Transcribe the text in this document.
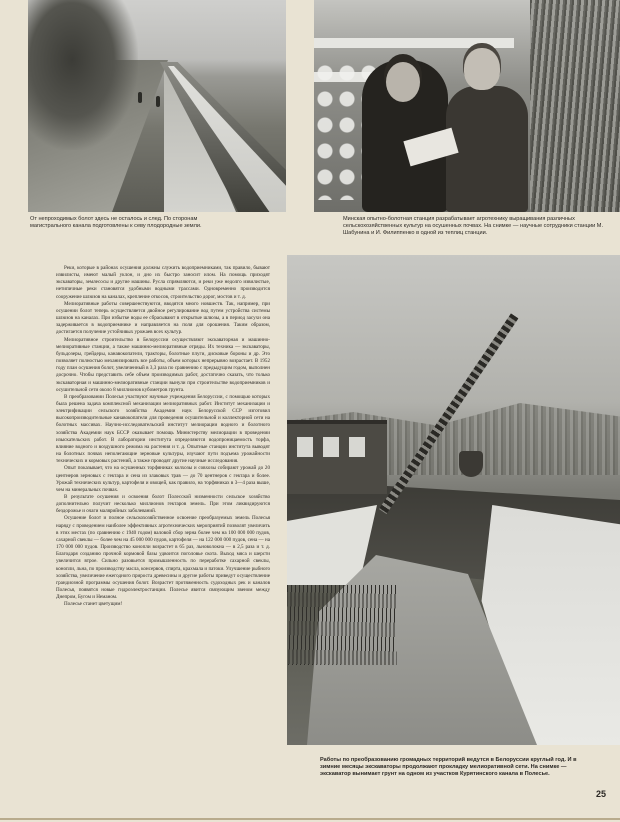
От непроходимых болот здесь не осталось и след. По сторонам магистрального канала подготовлены к севу плодородные земли.

Минская опытно-болотная станция разрабатывает агротехнику выращивания различных сельскохозяйственных культур на осушенных почвах. На снимке — научные сотрудники станции М. Шабунина и И. Филиппенко в одной из теплиц станции.

Реки, которые в районах осушения должны служить водоприемниками, так правило, бывают извилисты, имеют малый уклон, и дно их быстро заносит илом. На помощь приходят экскаваторы, землесосы и другие машины. Русла спрямляются, и реки уже недолго извилистые, нетипичные реки становятся удобными водными трассами. Одновременно производится сооружение шлюзов на каналах, крепление откосов, строительство дорог, мостов и т. д.

Мелиоративные работы совершенствуются, вводятся много новшеств. Так, например, при осушении болот теперь осуществляется двойное регулирование вод путем устройства системы шлюзов на каналах. При избытке воды ее сбрасывают в открытые шлюзы, а в период засухи она задерживается в водоприемнике и направляется на поля для орошения. Таким образом, достигается получение устойчивых урожаев всех культур.

Мелиоративное строительство в Белоруссии осуществляют экскаваторная и машинно-мелиоративные станции, а также машинно-мелиоративные отряды. Их техника — экскаваторы, бульдозеры, грейдеры, канавокопатели, тракторы, болотные плуги, дисковые бороны и др. Это позволяет полностью механизировать все работы, объем которых непрерывно возрастает. В 1952 году план осушения болот, увеличенный в 3,3 раза по сравнению с предыдущим годом, выполнен досрочно. Чтобы представить себе объем производимых работ, достаточно сказать, что только экскаваторная и машинно-мелиоративные станции вынули при строительстве водоприемников и осушительной сети около 8 миллионов кубометров грунта.

В преобразовании Полесья участвуют научные учреждения Белоруссии, с помощью которых была решена задача комплексной механизации мелиоративных работ. Институт механизации и электрификации сельского хозяйства Академии наук Белорусской ССР изготовил высокопроизводительные канавокопатели для проведения осушительной и коллекторной сети на болотных массивах. Научно-исследовательский институт мелиорации водного и болотного хозяйства Академии наук БССР оказывает помощь Министерству мелиорации в проведении изыскательских работ. В лаборатории института определяются водопроницаемость торфа, влияние водного и воздушного режима на растения и т. д. Опытные станции института выводят на болотных почвах неполегающие зерновые культуры, изучают пути подъема урожайности технических и кормовых растений, а также проводят другие научные исследования.

Опыт показывает, что на осушенных торфяниках колхозы и совхозы собирают урожай до 20 центнеров зерновых с гектара и сена из злаковых трав — до 70 центнеров с гектара и более. Урожай технических культур, картофеля и овощей, как правило, на торфяниках в 3—4 раза выше, чем на минеральных почвах.

В результате осушения и освоения болот Полесской низменности сельское хозяйство дополнительно получит несколько миллионов гектаров земель. При этом ликвидируются бездорожье и очаги малярийных заболеваний.

Осушение болот и полное сельскохозяйственное освоение преобразуемых земель Полесья наряду с проведением наиболее эффективных агротехнических мероприятий позволят увеличить в этих местах (по сравнению с 1940 годом) валовой сбор зерна более чем на 100 000 000 пудов, сахарной свеклы — более чем на 45 000 000 пудов, картофеля — на 122 000 000 пудов, сена — на 170 000 000 пудов. Производство конопли возрастет в 65 раз, льноволокна — в 2,5 раза и т. д. Благодаря созданию прочной кормовой базы удвоится поголовье скота. Выход мяса и шерсти увеличится втрое. Сильно разовьется промышленность по переработке сахарной свеклы, конопли, льна, по производству масла, консервов, спирта, крахмала и патоки. Улучшение рыбного хозяйства, увеличение ежегодного прироста древесины и другие работы приведут осуществление грандиозной программы осушения болот. Возрастет протяженность судоходных рек и каналов Полесья, появятся новые гидроэлектростанции. Полесье явится связующим звеном между Днепром, Бугом и Неманом.

Полесье станет цветущим!

Работы по преобразованию громадных территорий ведутся в Белоруссии круглый год. И в зимние месяцы экскаваторы продолжают прокладку мелиоративной сети. На снимке — экскаватор вынимает грунт на одном из участков Курятинского канала в Полесье.

25
